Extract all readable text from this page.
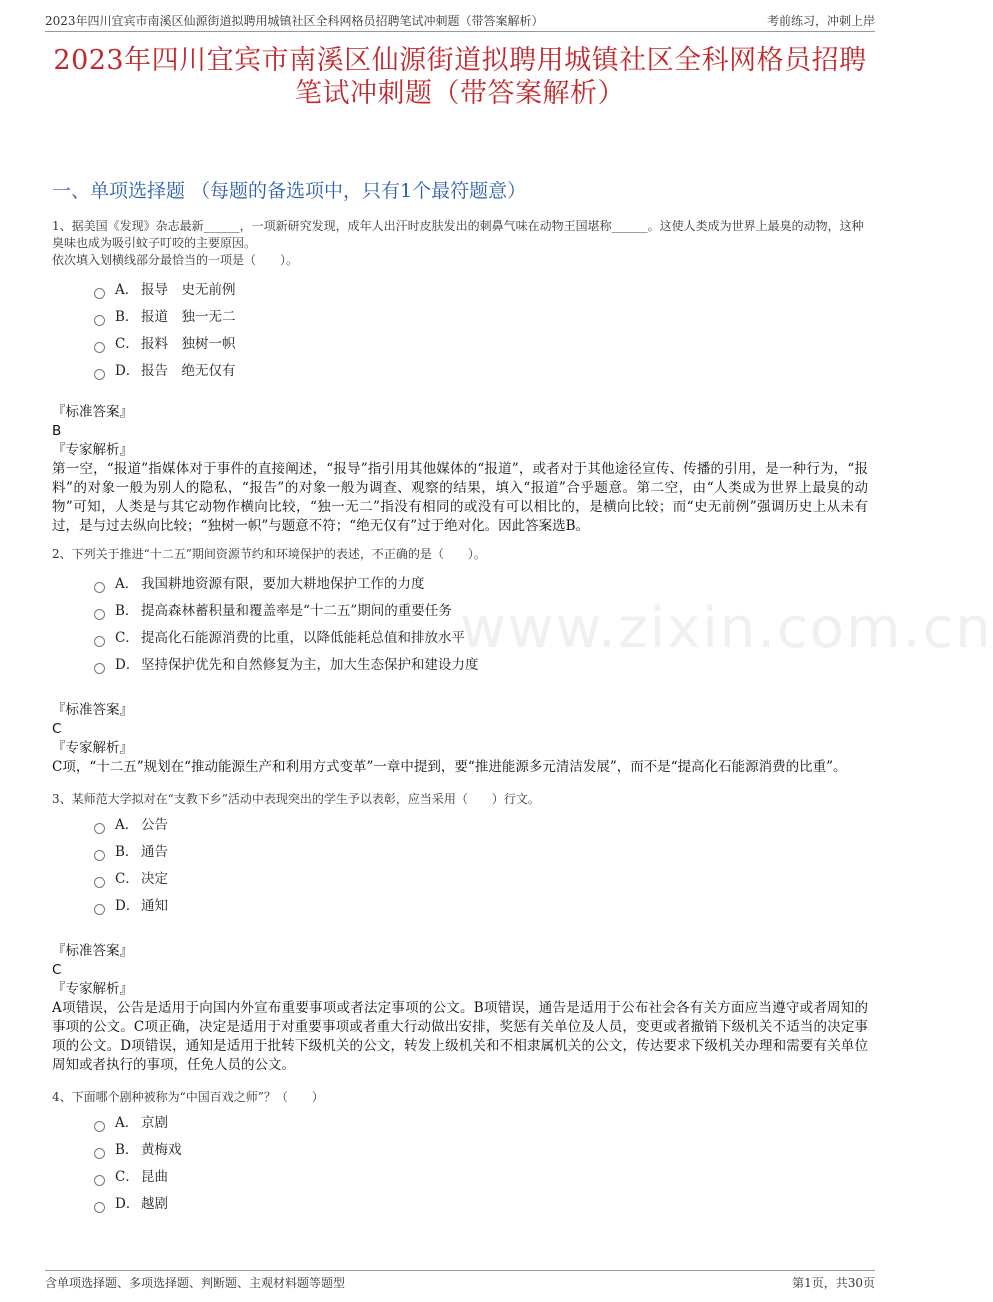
2023年四川宜宾市南溪区仙源街道拟聘用城镇社区全科网格员招聘笔试冲刺题（带答案解析）	考前练习，冲刺上岸
2023年四川宜宾市南溪区仙源街道拟聘用城镇社区全科网格员招聘笔试冲刺题（带答案解析）
一、单项选择题 （每题的备选项中，只有1个最符题意）
www.zixin.com.cn
1、据美国《发现》杂志最新______，一项新研究发现，成年人出汗时皮肤发出的刺鼻气味在动物王国堪称______。这使人类成为世界上最臭的动物，这种臭味也成为吸引蚊子叮咬的主要原因。
依次填入划横线部分最恰当的一项是（　　）。
A． 报导　史无前例
B． 报道　独一无二
C． 报料　独树一帜
D． 报告　绝无仅有
『标准答案』
B
『专家解析』
第一空，“报道”指媒体对于事件的直接阐述，“报导”指引用其他媒体的“报道”，或者对于其他途径宣传、传播的引用，是一种行为，“报料”的对象一般为别人的隐私，“报告”的对象一般为调查、观察的结果，填入“报道”合乎题意。第二空，由“人类成为世界上最臭的动物”可知，人类是与其它动物作横向比较，“独一无二”指没有相同的或没有可以相比的，是横向比较；而“史无前例”强调历史上从未有过，是与过去纵向比较；“独树一帜”与题意不符；“绝无仅有”过于绝对化。因此答案选B。
2、下列关于推进“十二五”期间资源节约和环境保护的表述，不正确的是（　　）。
A． 我国耕地资源有限，要加大耕地保护工作的力度
B． 提高森林蓄积量和覆盖率是“十二五”期间的重要任务
C． 提高化石能源消费的比重，以降低能耗总值和排放水平
D． 坚持保护优先和自然修复为主，加大生态保护和建设力度
『标准答案』
C
『专家解析』
C项，“十二五”规划在“推动能源生产和利用方式变革”一章中提到，要“推进能源多元清洁发展”，而不是“提高化石能源消费的比重”。
3、某师范大学拟对在“支教下乡”活动中表现突出的学生予以表彰，应当采用（　　）行文。
A． 公告
B． 通告
C． 决定
D． 通知
『标准答案』
C
『专家解析』
A项错误，公告是适用于向国内外宣布重要事项或者法定事项的公文。B项错误，通告是适用于公布社会各有关方面应当遵守或者周知的事项的公文。C项正确，决定是适用于对重要事项或者重大行动做出安排，奖惩有关单位及人员，变更或者撤销下级机关不适当的决定事项的公文。D项错误，通知是适用于批转下级机关的公文，转发上级机关和不相隶属机关的公文，传达要求下级机关办理和需要有关单位周知或者执行的事项，任免人员的公文。
4、下面哪个剧种被称为“中国百戏之师”？（　　）
A． 京剧
B． 黄梅戏
C． 昆曲
D． 越剧
含单项选择题、多项选择题、判断题、主观材料题等题型	第1页，共30页
